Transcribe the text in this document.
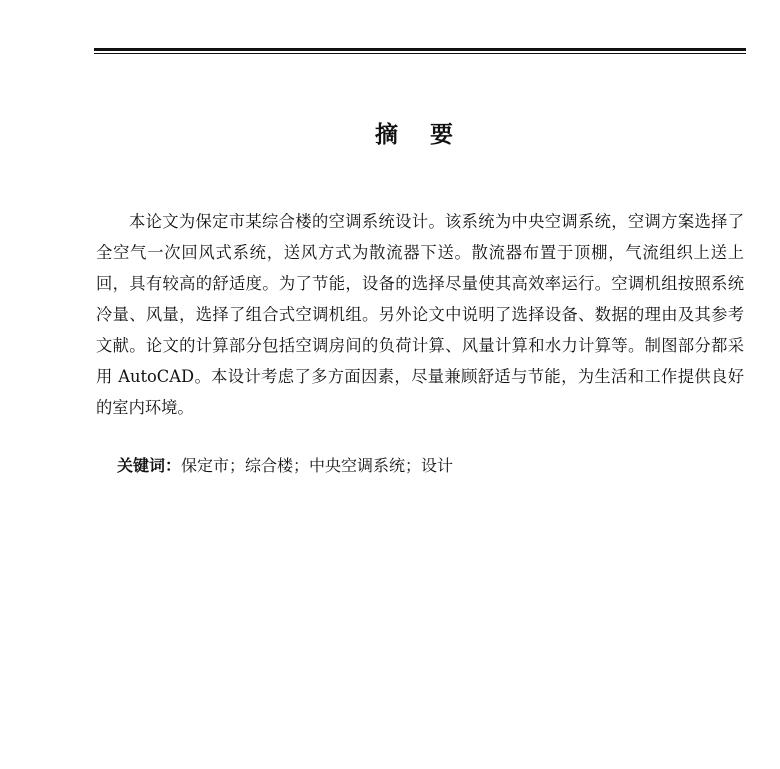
摘 要

本论文为保定市某综合楼的空调系统设计。该系统为中央空调系统，空调方案选择了全空气一次回风式系统，送风方式为散流器下送。散流器布置于顶棚，气流组织上送上回，具有较高的舒适度。为了节能，设备的选择尽量使其高效率运行。空调机组按照系统冷量、风量，选择了组合式空调机组。另外论文中说明了选择设备、数据的理由及其参考文献。论文的计算部分包括空调房间的负荷计算、风量计算和水力计算等。制图部分都采用 AutoCAD。本设计考虑了多方面因素，尽量兼顾舒适与节能，为生活和工作提供良好的室内环境。

关键词：保定市；综合楼；中央空调系统；设计
